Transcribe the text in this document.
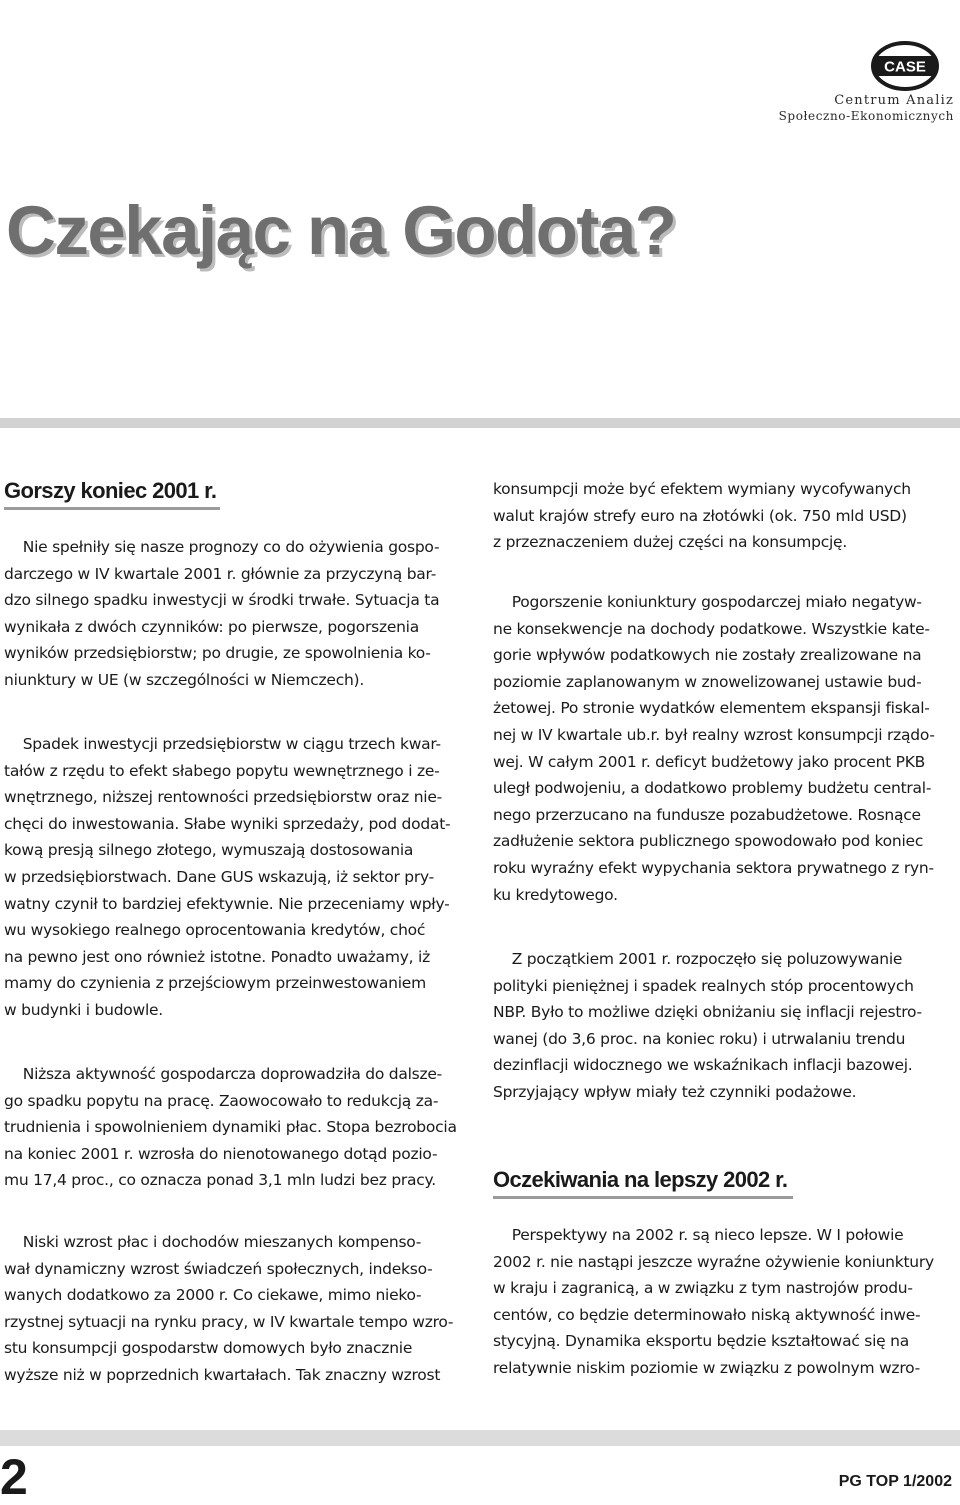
CASE
Centrum Analiz
Społeczno-Ekonomicznych
Czekając na Godota?
Gorszy koniec 2001 r.

Nie spełniły się nasze prognozy co do ożywienia gospo-
darczego w IV kwartale 2001 r. głównie za przyczyną bar-
dzo silnego spadku inwestycji w środki trwałe. Sytuacja ta
wynikała z dwóch czynników: po pierwsze, pogorszenia
wyników przedsiębiorstw; po drugie, ze spowolnienia ko-
niunktury w UE (w szczególności w Niemczech).

Spadek inwestycji przedsiębiorstw w ciągu trzech kwar-
tałów z rzędu to efekt słabego popytu wewnętrznego i ze-
wnętrznego, niższej rentowności przedsiębiorstw oraz nie-
chęci do inwestowania. Słabe wyniki sprzedaży, pod dodat-
kową presją silnego złotego, wymuszają dostosowania
w przedsiębiorstwach. Dane GUS wskazują, iż sektor pry-
watny czynił to bardziej efektywnie. Nie przeceniamy wpły-
wu wysokiego realnego oprocentowania kredytów, choć
na pewno jest ono również istotne. Ponadto uważamy, iż
mamy do czynienia z przejściowym przeinwestowaniem
w budynki i budowle.

Niższa aktywność gospodarcza doprowadziła do dalsze-
go spadku popytu na pracę. Zaowocowało to redukcją za-
trudnienia i spowolnieniem dynamiki płac. Stopa bezrobocia
na koniec 2001 r. wzrosła do nienotowanego dotąd pozio-
mu 17,4 proc., co oznacza ponad 3,1 mln ludzi bez pracy.

Niski wzrost płac i dochodów mieszanych kompenso-
wał dynamiczny wzrost świadczeń społecznych, indekso-
wanych dodatkowo za 2000 r. Co ciekawe, mimo nieko-
rzystnej sytuacji na rynku pracy, w IV kwartale tempo wzro-
stu konsumpcji gospodarstw domowych było znacznie
wyższe niż w poprzednich kwartałach. Tak znaczny wzrost

konsumpcji może być efektem wymiany wycofywanych
walut krajów strefy euro na złotówki (ok. 750 mld USD)
z przeznaczeniem dużej części na konsumpcję.

Pogorszenie koniunktury gospodarczej miało negatyw-
ne konsekwencje na dochody podatkowe. Wszystkie kate-
gorie wpływów podatkowych nie zostały zrealizowane na
poziomie zaplanowanym w znowelizowanej ustawie bud-
żetowej. Po stronie wydatków elementem ekspansji fiskal-
nej w IV kwartale ub.r. był realny wzrost konsumpcji rządo-
wej. W całym 2001 r. deficyt budżetowy jako procent PKB
uległ podwojeniu, a dodatkowo problemy budżetu central-
nego przerzucano na fundusze pozabudżetowe. Rosnące
zadłużenie sektora publicznego spowodowało pod koniec
roku wyraźny efekt wypychania sektora prywatnego z ryn-
ku kredytowego.

Z początkiem 2001 r. rozpoczęło się poluzowywanie
polityki pieniężnej i spadek realnych stóp procentowych
NBP. Było to możliwe dzięki obniżaniu się inflacji rejestro-
wanej (do 3,6 proc. na koniec roku) i utrwalaniu trendu
dezinflacji widocznego we wskaźnikach inflacji bazowej.
Sprzyjający wpływ miały też czynniki podażowe.

Oczekiwania na lepszy 2002 r.

Perspektywy na 2002 r. są nieco lepsze. W I połowie
2002 r. nie nastąpi jeszcze wyraźne ożywienie koniunktury
w kraju i zagranicą, a w związku z tym nastrojów produ-
centów, co będzie determinowało niską aktywność inwe-
stycyjną. Dynamika eksportu będzie kształtować się na
relatywnie niskim poziomie w związku z powolnym wzro-

2	PG TOP 1/2002
